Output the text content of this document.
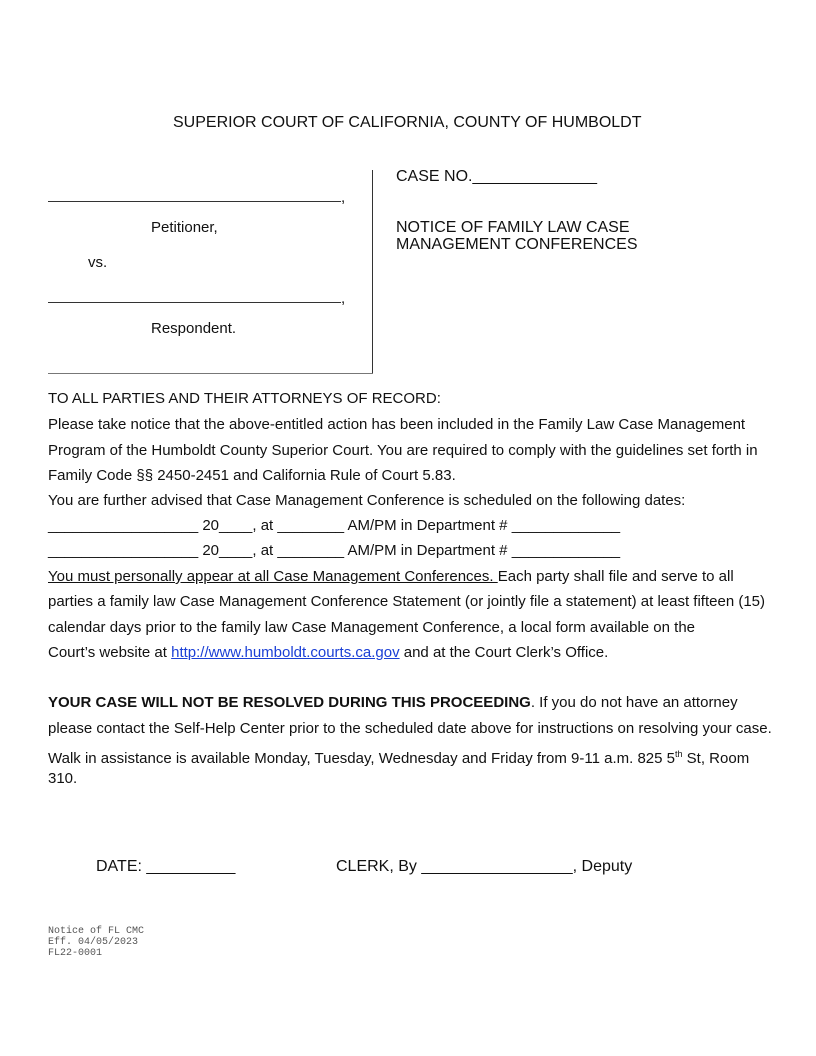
SUPERIOR COURT OF CALIFORNIA, COUNTY OF HUMBOLDT
,
Petitioner,
vs.
,
Respondent.
CASE NO.______________
NOTICE OF FAMILY LAW CASE
MANAGEMENT CONFERENCES
TO ALL PARTIES AND THEIR ATTORNEYS OF RECORD:
Please take notice that the above-entitled action has been included in the Family Law Case Management
Program of the Humboldt County Superior Court. You are required to comply with the guidelines set forth in
Family Code §§ 2450-2451 and California Rule of Court 5.83.
You are further advised that Case Management Conference is scheduled on the following dates:
__________________ 20____, at ________ AM/PM in Department # _____________
__________________ 20____, at ________ AM/PM in Department # _____________
You must personally appear at all Case Management Conferences. Each party shall file and serve to all
parties a family law Case Management Conference Statement (or jointly file a statement) at least fifteen (15)
calendar days prior to the family law Case Management Conference, a local form available on the
Court’s website at http://www.humboldt.courts.ca.gov and at the Court Clerk’s Office.
YOUR CASE WILL NOT BE RESOLVED DURING THIS PROCEEDING. If you do not have an attorney
please contact the Self-Help Center prior to the scheduled date above for instructions on resolving your case.
Walk in assistance is available Monday, Tuesday, Wednesday and Friday from 9-11 a.m. 825 5th St, Room
310.
DATE: __________	CLERK, By _________________, Deputy
Notice of FL CMC
Eff. 04/05/2023
FL22-0001
